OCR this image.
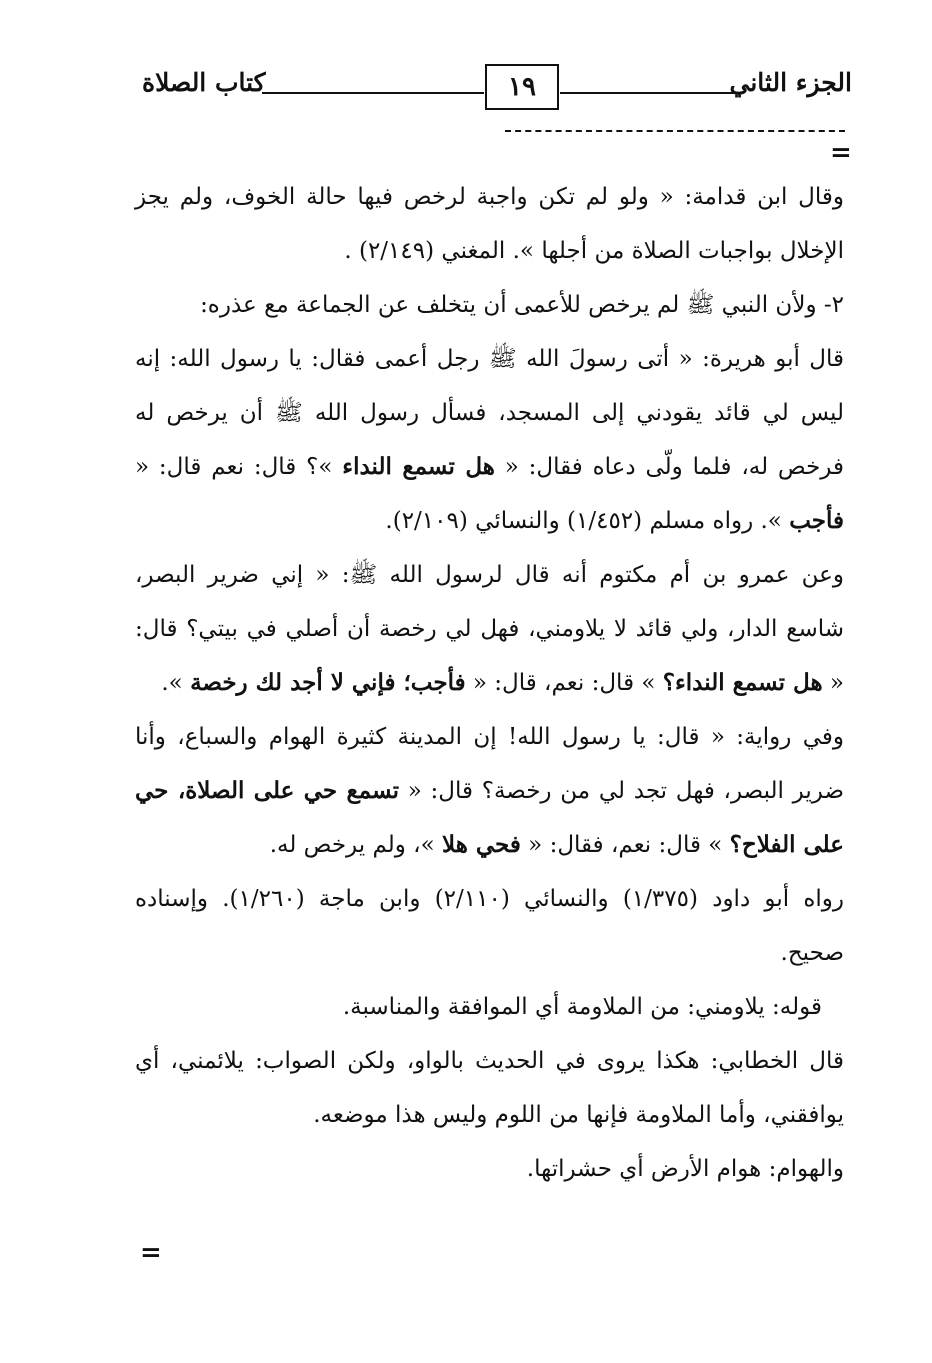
الجزء الثاني
١٩
كتاب الصلاة
=

وقال ابن قدامة: « ولو لم تكن واجبة لرخص فيها حالة الخوف، ولم يجز الإخلال بواجبات الصلاة من أجلها ». المغني (٢/١٤٩) .

٢- ولأن النبي ﷺ لم يرخص للأعمى أن يتخلف عن الجماعة مع عذره:

قال أبو هريرة: « أتى رسولَ الله ﷺ رجل أعمى فقال: يا رسول الله: إنه ليس لي قائد يقودني إلى المسجد، فسأل رسول الله ﷺ أن يرخص له فرخص له، فلما ولّى دعاه فقال: « هل تسمع النداء »؟ قال: نعم قال: « فأجب ». رواه مسلم (١/٤٥٢) والنسائي (٢/١٠٩).

وعن عمرو بن أم مكتوم أنه قال لرسول الله ﷺ: « إني ضرير البصر، شاسع الدار، ولي قائد لا يلاومني، فهل لي رخصة أن أصلي في بيتي؟ قال: « هل تسمع النداء؟ » قال: نعم، قال: « فأجب؛ فإني لا أجد لك رخصة ».

وفي رواية: « قال: يا رسول الله! إن المدينة كثيرة الهوام والسباع، وأنا ضرير البصر، فهل تجد لي من رخصة؟ قال: « تسمع حي على الصلاة، حي على الفلاح؟ » قال: نعم، فقال: « فحي هلا »، ولم يرخص له.

رواه أبو داود (١/٣٧٥) والنسائي (٢/١١٠) وابن ماجة (١/٢٦٠). وإسناده صحيح.

قوله: يلاومني: من الملاومة أي الموافقة والمناسبة.

قال الخطابي: هكذا يروى في الحديث بالواو، ولكن الصواب: يلائمني، أي يوافقني، وأما الملاومة فإنها من اللوم وليس هذا موضعه.

والهوام: هوام الأرض أي حشراتها.

=
